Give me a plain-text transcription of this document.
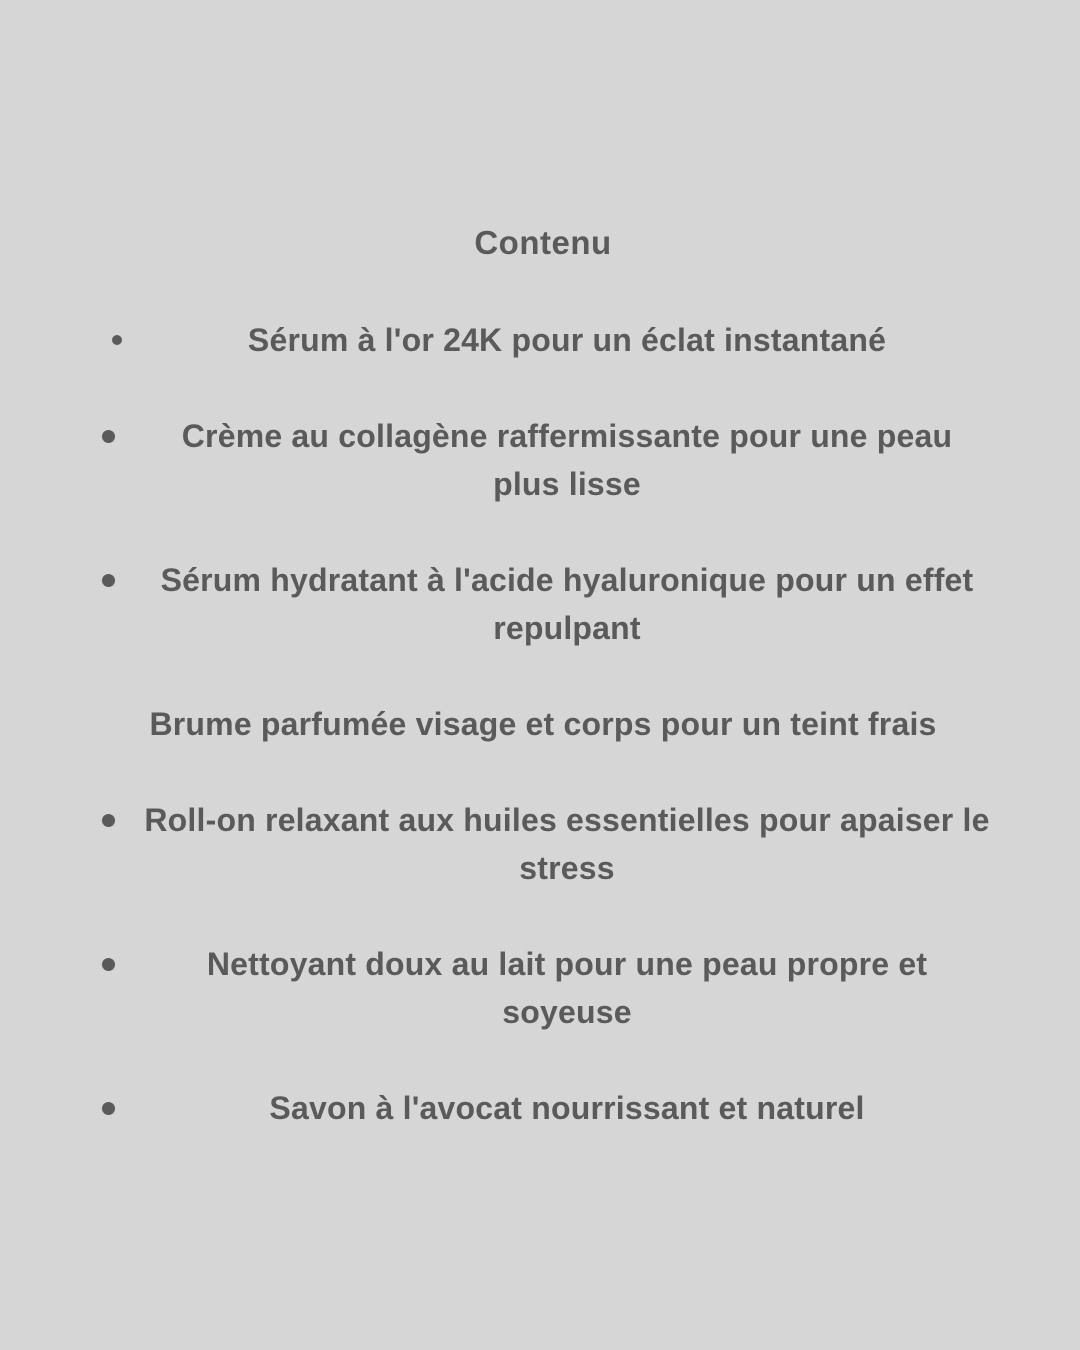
Contenu
Sérum à l'or 24K pour un éclat instantané
Crème au collagène raffermissante pour une peau plus lisse
Sérum hydratant à l'acide hyaluronique pour un effet repulpant
Brume parfumée visage et corps pour un teint frais
Roll-on relaxant aux huiles essentielles pour apaiser le stress
Nettoyant doux au lait pour une peau propre et soyeuse
Savon à l'avocat nourrissant et naturel
